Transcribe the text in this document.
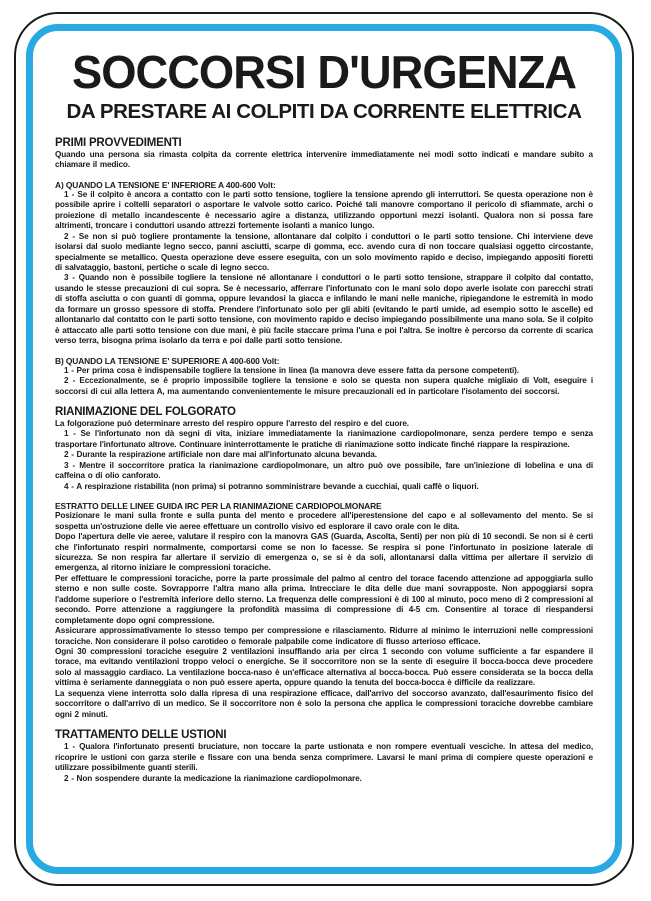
SOCCORSI D'URGENZA
DA PRESTARE AI COLPITI DA CORRENTE ELETTRICA
PRIMI PROVVEDIMENTI

Quando una persona sia rimasta colpita da corrente elettrica intervenire immediatamente nei modi sotto indicati e mandare subito a chiamare il medico.

A) QUANDO LA TENSIONE E' INFERIORE A 400-600 Volt:

1 - Se il colpito è ancora a contatto con le parti sotto tensione, togliere la tensione aprendo gli interruttori. Se questa operazione non è possibile aprire i coltelli separatori o asportare le valvole sotto carico. Poiché tali manovre comportano il pericolo di sfiammate, archi o proiezione di metallo incandescente è necessario agire a distanza, utilizzando opportuni mezzi isolanti. Qualora non si possa fare altrimenti, troncare i conduttori usando attrezzi fortemente isolanti a manico lungo.

2 - Se non si può togliere prontamente la tensione, allontanare dal colpito i conduttori o le parti sotto tensione. Chi interviene deve isolarsi dal suolo mediante legno secco, panni asciutti, scarpe di gomma, ecc. avendo cura di non toccare qualsiasi oggetto circostante, specialmente se metallico. Questa operazione deve essere eseguita, con un solo movimento rapido e deciso, impiegando appositi fioretti di salvataggio, bastoni, pertiche o scale di legno secco.

3 - Quando non è possibile togliere la tensione né allontanare i conduttori o le parti sotto tensione, strappare il colpito dal contatto, usando le stesse precauzioni di cui sopra. Se è necessario, afferrare l'infortunato con le mani solo dopo averle isolate con parecchi strati di stoffa asciutta o con guanti di gomma, oppure levandosi la giacca e infilando le mani nelle maniche, ripiegandone le estremità in modo da formare un grosso spessore di stoffa. Prendere l'infortunato solo per gli abiti (evitando le parti umide, ad esempio sotto le ascelle) ed allontanarlo dal contatto con le parti sotto tensione, con movimento rapido e deciso impiegando possibilmente una mano sola. Se il colpito è attaccato alle parti sotto tensione con due mani, è più facile staccare prima l'una e poi l'altra. Se inoltre è percorso da corrente di scarica verso terra, bisogna prima isolarlo da terra e poi dalle parti sotto tensione.

B) QUANDO LA TENSIONE E' SUPERIORE A 400-600 Volt:

1 - Per prima cosa è indispensabile togliere la tensione in linea (la manovra deve essere fatta da persone competenti).

2 - Eccezionalmente, se è proprio impossibile togliere la tensione e solo se questa non supera qualche migliaio di Volt, eseguire i soccorsi di cui alla lettera A, ma aumentando convenientemente le misure precauzionali ed in particolare l'isolamento dei soccorsi.

RIANIMAZIONE DEL FOLGORATO

La folgorazione può determinare arresto del respiro oppure l'arresto del respiro e del cuore.

1 - Se l'infortunato non dà segni di vita, iniziare immediatamente la rianimazione cardiopolmonare, senza perdere tempo e senza trasportare l'infortunato altrove. Continuare ininterrottamente le pratiche di rianimazione sotto indicate finché riappare la respirazione.

2 - Durante la respirazione artificiale non dare mai all'infortunato alcuna bevanda.

3 - Mentre il soccorritore pratica la rianimazione cardiopolmonare, un altro può ove possibile, fare un'iniezione di lobelina e una di caffeina o di olio canforato.

4 - A respirazione ristabilita (non prima) si potranno somministrare bevande a cucchiai, quali caffè o liquori.

ESTRATTO DELLE LINEE GUIDA IRC PER LA RIANIMAZIONE CARDIOPOLMONARE

Posizionare le mani sulla fronte e sulla punta del mento e procedere all'iperestensione del capo e al sollevamento del mento. Se si sospetta un'ostruzione delle vie aeree effettuare un controllo visivo ed esplorare il cavo orale con le dita.

Dopo l'apertura delle vie aeree, valutare il respiro con la manovra GAS (Guarda, Ascolta, Senti) per non più di 10 secondi. Se non si è certi che l'infortunato respiri normalmente, comportarsi come se non lo facesse. Se respira si pone l'infortunato in posizione laterale di sicurezza. Se non respira far allertare il servizio di emergenza o, se si è da soli, allontanarsi dalla vittima per allertare il servizio di emergenza, al ritorno iniziare le compressioni toraciche.

Per effettuare le compressioni toraciche, porre la parte prossimale del palmo al centro del torace facendo attenzione ad appoggiarla sullo sterno e non sulle coste. Sovrapporre l'altra mano alla prima. Intrecciare le dita delle due mani sovrapposte. Non appoggiarsi sopra l'addome superiore o l'estremità inferiore dello sterno. La frequenza delle compressioni è di 100 al minuto, poco meno di 2 compressioni al secondo. Porre attenzione a raggiungere la profondità massima di compressione di 4-5 cm. Consentire al torace di riespandersi completamente dopo ogni compressione.

Assicurare approssimativamente lo stesso tempo per compressione e rilasciamento. Ridurre al minimo le interruzioni nelle compressioni toraciche. Non considerare il polso carotideo o femorale palpabile come indicatore di flusso arterioso efficace.

Ogni 30 compressioni toraciche eseguire 2 ventilazioni insufflando aria per circa 1 secondo con volume sufficiente a far espandere il torace, ma evitando ventilazioni troppo veloci o energiche. Se il soccorritore non se la sente di eseguire il bocca-bocca deve procedere solo al massaggio cardiaco. La ventilazione bocca-naso è un'efficace alternativa al bocca-bocca. Può essere considerata se la bocca della vittima è seriamente danneggiata o non può essere aperta, oppure quando la tenuta del bocca-bocca è difficile da realizzare.

La sequenza viene interrotta solo dalla ripresa di una respirazione efficace, dall'arrivo del soccorso avanzato, dall'esaurimento fisico del soccorritore o dall'arrivo di un medico. Se il soccorritore non è solo la persona che applica le compressioni toraciche dovrebbe cambiare ogni 2 minuti.

TRATTAMENTO DELLE USTIONI

1 - Qualora l'infortunato presenti bruciature, non toccare la parte ustionata e non rompere eventuali vesciche. In attesa del medico, ricoprire le ustioni con garza sterile e fissare con una benda senza comprimere. Lavarsi le mani prima di compiere queste operazioni e utilizzare possibilmente guanti sterili.

2 - Non sospendere durante la medicazione la rianimazione cardiopolmonare.
